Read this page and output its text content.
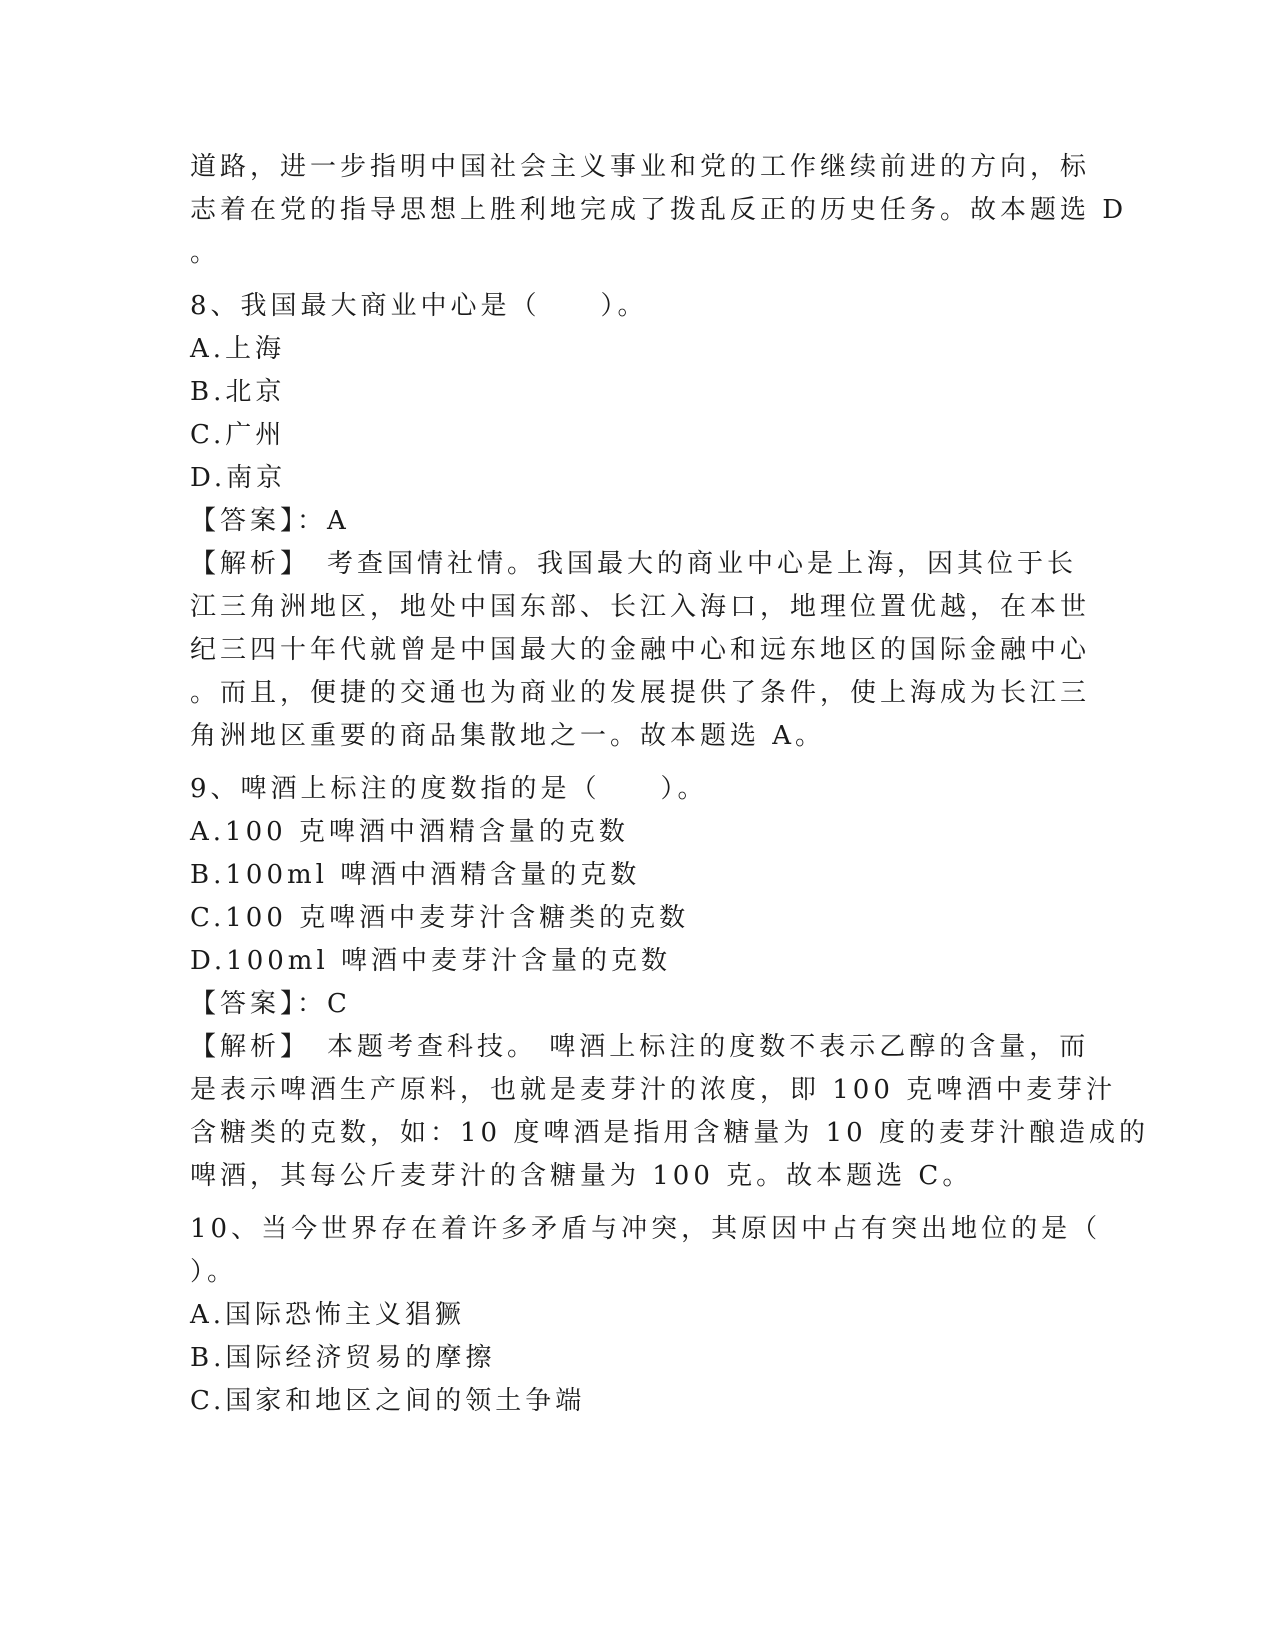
道路，进一步指明中国社会主义事业和党的工作继续前进的方向，标
志着在党的指导思想上胜利地完成了拨乱反正的历史任务。故本题选 D
。
8、我国最大商业中心是（　　）。
A.上海
B.北京
C.广州
D.南京
【答案】：A
【解析】　考查国情社情。我国最大的商业中心是上海，因其位于长
江三角洲地区，地处中国东部、长江入海口，地理位置优越，在本世
纪三四十年代就曾是中国最大的金融中心和远东地区的国际金融中心
。而且，便捷的交通也为商业的发展提供了条件，使上海成为长江三
角洲地区重要的商品集散地之一。故本题选 A。
9、啤酒上标注的度数指的是（　　）。
A.100 克啤酒中酒精含量的克数
B.100ml 啤酒中酒精含量的克数
C.100 克啤酒中麦芽汁含糖类的克数
D.100ml 啤酒中麦芽汁含量的克数
【答案】：C
【解析】　本题考查科技。 啤酒上标注的度数不表示乙醇的含量，而
是表示啤酒生产原料，也就是麦芽汁的浓度，即 100 克啤酒中麦芽汁
含糖类的克数，如：10 度啤酒是指用含糖量为 10 度的麦芽汁酿造成的
啤酒，其每公斤麦芽汁的含糖量为 100 克。故本题选 C。
10、当今世界存在着许多矛盾与冲突，其原因中占有突出地位的是（
）。
A.国际恐怖主义猖獗
B.国际经济贸易的摩擦
C.国家和地区之间的领土争端
